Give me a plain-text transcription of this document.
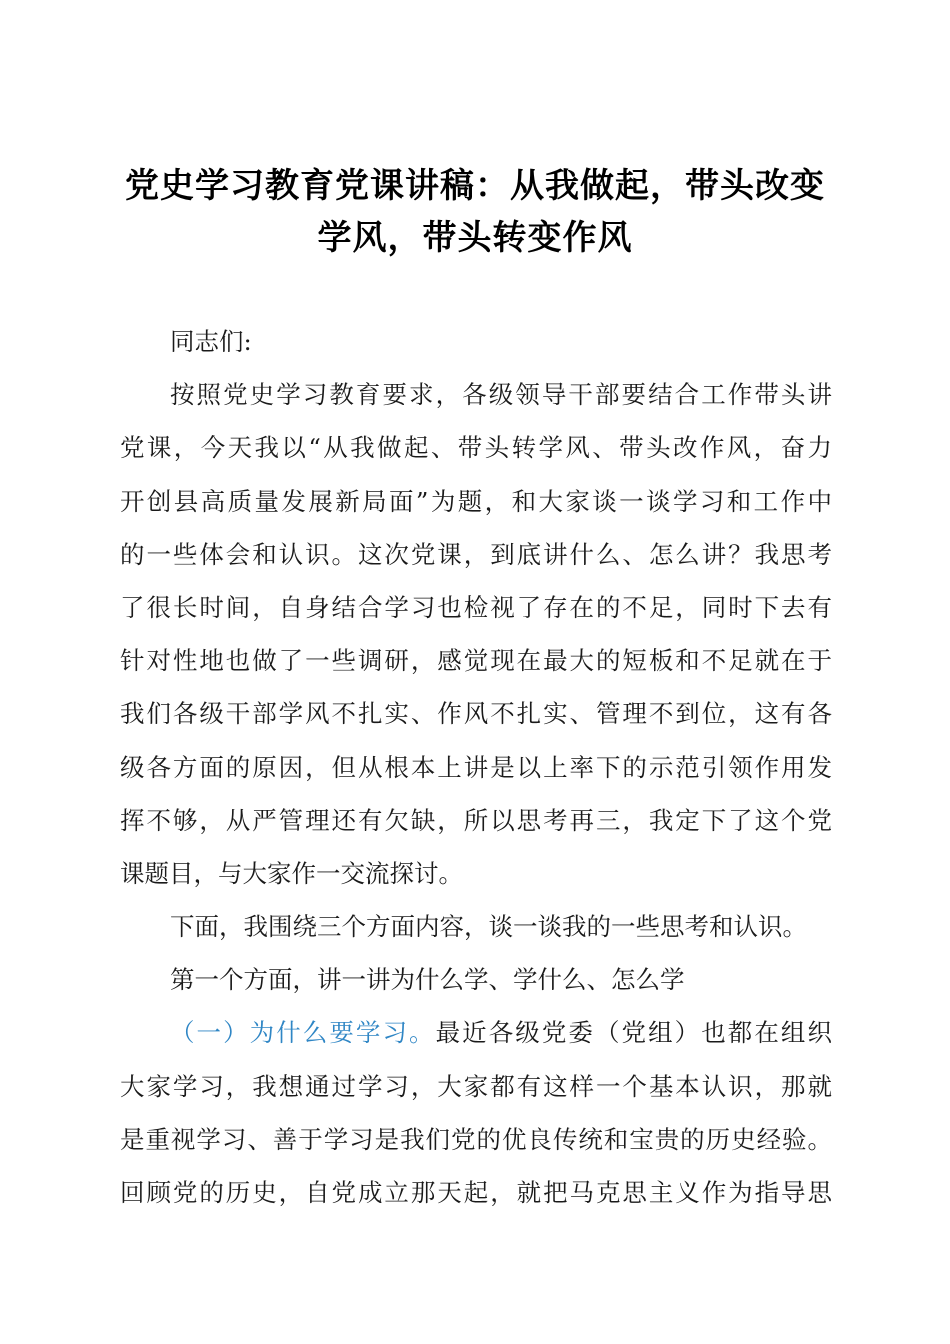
党史学习教育党课讲稿：从我做起，带头改变
学风，带头转变作风
同志们:
按照党史学习教育要求，各级领导干部要结合工作带头讲
党课，今天我以“从我做起、带头转学风、带头改作风，奋力
开创县高质量发展新局面”为题，和大家谈一谈学习和工作中
的一些体会和认识。这次党课，到底讲什么、怎么讲？我思考
了很长时间，自身结合学习也检视了存在的不足，同时下去有
针对性地也做了一些调研，感觉现在最大的短板和不足就在于
我们各级干部学风不扎实、作风不扎实、管理不到位，这有各
级各方面的原因，但从根本上讲是以上率下的示范引领作用发
挥不够，从严管理还有欠缺，所以思考再三，我定下了这个党
课题目，与大家作一交流探讨。
下面，我围绕三个方面内容，谈一谈我的一些思考和认识。
第一个方面，讲一讲为什么学、学什么、怎么学
（一）为什么要学习。最近各级党委（党组）也都在组织
大家学习，我想通过学习，大家都有这样一个基本认识，那就
是重视学习、善于学习是我们党的优良传统和宝贵的历史经验。
回顾党的历史，自党成立那天起，就把马克思主义作为指导思
